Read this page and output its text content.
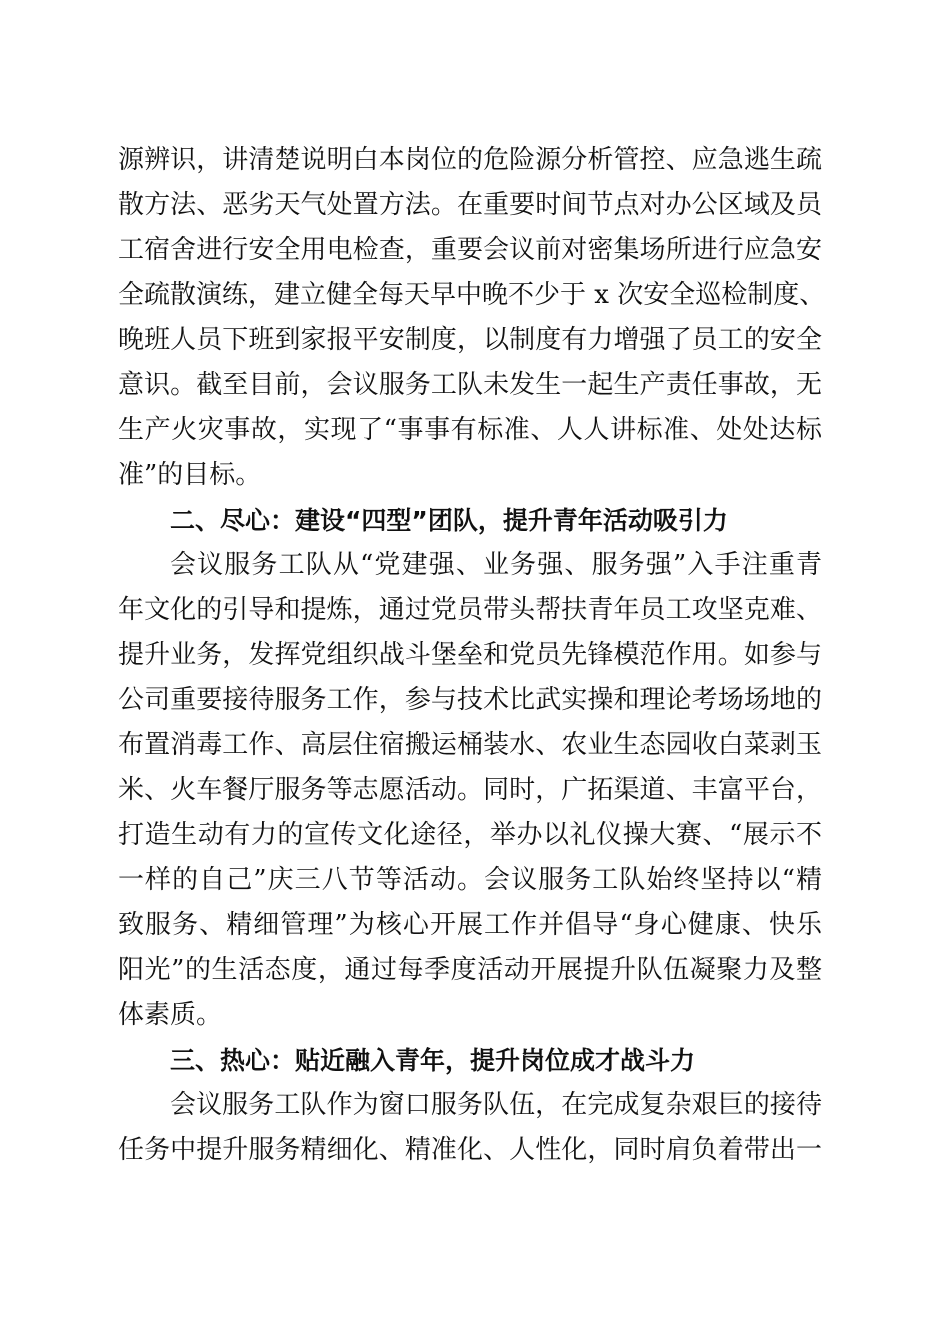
源辨识，讲清楚说明白本岗位的危险源分析管控、应急逃生疏
散方法、恶劣天气处置方法。在重要时间节点对办公区域及员
工宿舍进行安全用电检查，重要会议前对密集场所进行应急安
全疏散演练，建立健全每天早中晚不少于 x 次安全巡检制度、
晚班人员下班到家报平安制度，以制度有力增强了员工的安全
意识。截至目前，会议服务工队未发生一起生产责任事故，无
生产火灾事故，实现了“事事有标准、人人讲标准、处处达标
准”的目标。
二、尽心：建设“四型”团队，提升青年活动吸引力
会议服务工队从“党建强、业务强、服务强”入手注重青
年文化的引导和提炼，通过党员带头帮扶青年员工攻坚克难、
提升业务，发挥党组织战斗堡垒和党员先锋模范作用。如参与
公司重要接待服务工作，参与技术比武实操和理论考场场地的
布置消毒工作、高层住宿搬运桶装水、农业生态园收白菜剥玉
米、火车餐厅服务等志愿活动。同时，广拓渠道、丰富平台，
打造生动有力的宣传文化途径，举办以礼仪操大赛、“展示不
一样的自己”庆三八节等活动。会议服务工队始终坚持以“精
致服务、精细管理”为核心开展工作并倡导“身心健康、快乐
阳光”的生活态度，通过每季度活动开展提升队伍凝聚力及整
体素质。
三、热心：贴近融入青年，提升岗位成才战斗力
会议服务工队作为窗口服务队伍，在完成复杂艰巨的接待
任务中提升服务精细化、精准化、人性化，同时肩负着带出一
